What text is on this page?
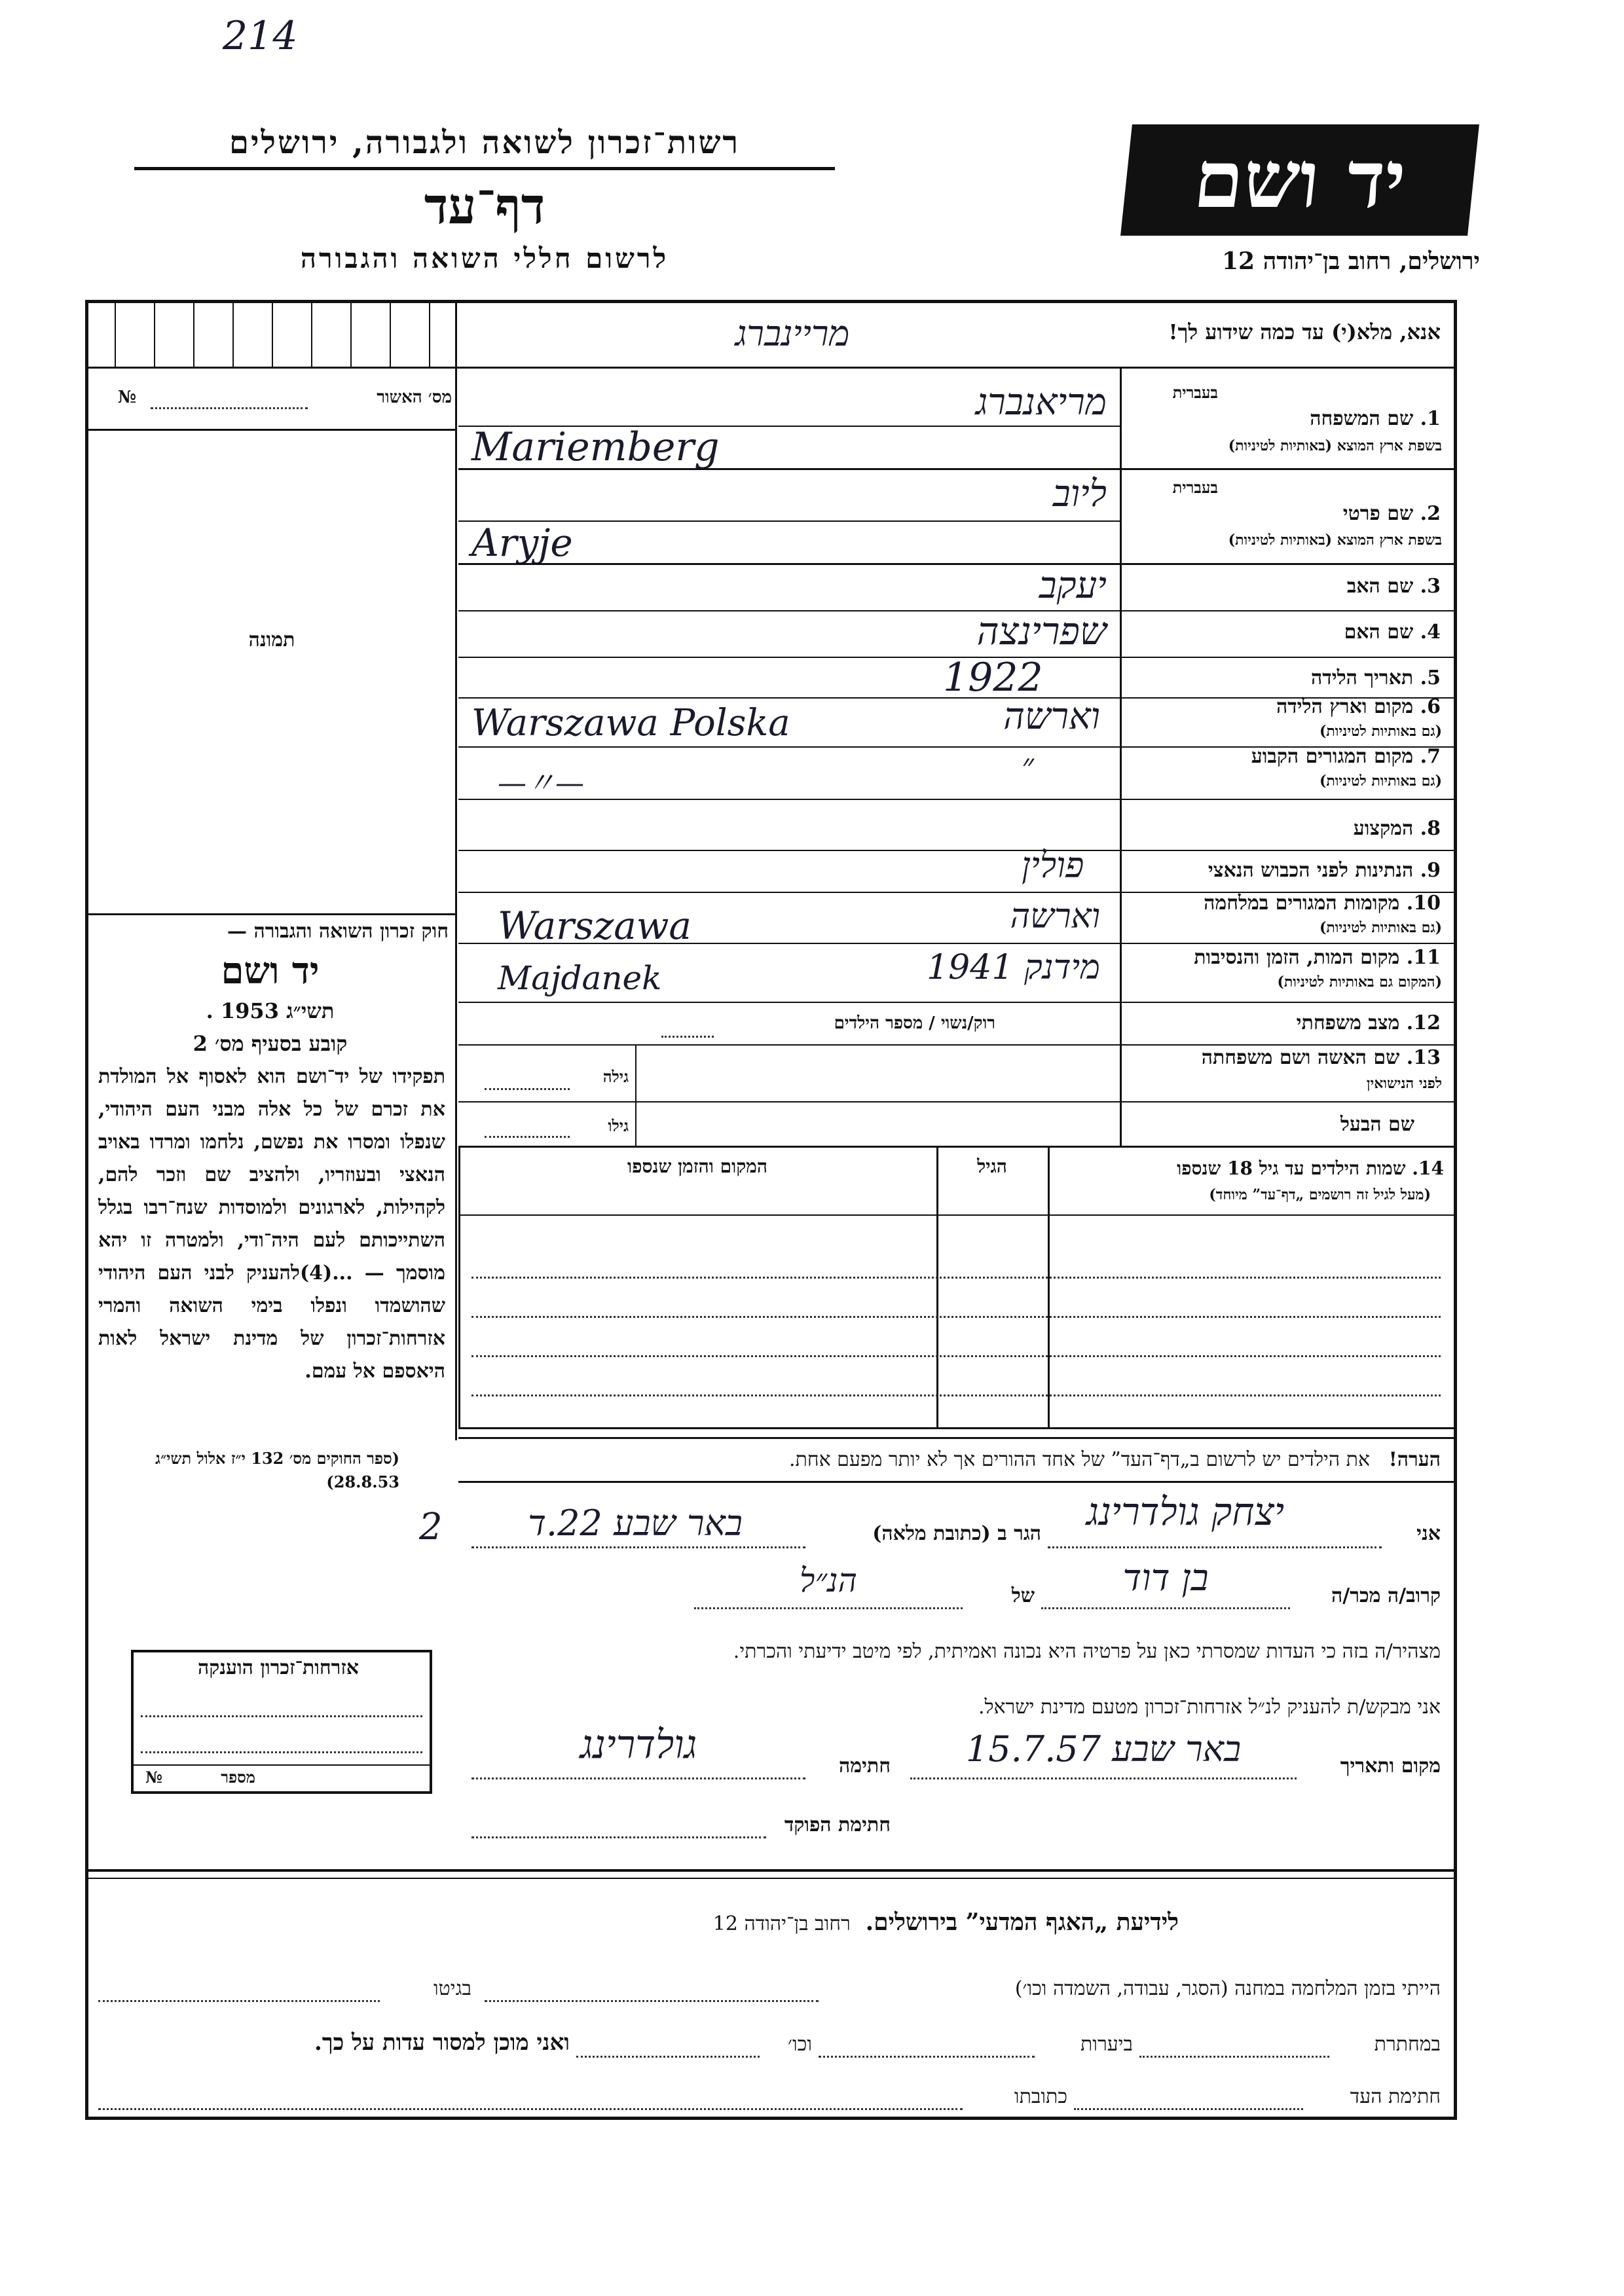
214
יד ושם
ירושלים, רחוב בן־יהודה 12
רשות־זכרון לשואה ולגבורה, ירושלים
דף־עד
לרשום חללי השואה והגבורה
אנא, מלא(י) עד כמה שידוע לך!
מריינברג
מס׳ האשור
№
תמונה
בעברית
1. שם המשפחה
בשפת ארץ המוצא (באותיות לטיניות)
מריאנברג
Mariemberg
בעברית
2. שם פרטי
בשפת ארץ המוצא (באותיות לטיניות)
ליוב
Aryje
3. שם האב
יעקב
4. שם האם
שפרינצה
5. תאריך הלידה
1922
6. מקום וארץ הלידה
(גם באותיות לטיניות)
וארשה
Warszawa Polska
7. מקום המגורים הקבוע
(גם באותיות לטיניות)
״
—〃—
8. המקצוע
9. הנתינות לפני הכבוש הנאצי
פולין
10. מקומות המגורים במלחמה
(גם באותיות לטיניות)
וארשה
Warszawa
11. מקום המות, הזמן והנסיבות
(המקום גם באותיות לטיניות)
מידנק 1941
Majdanek
12. מצב משפחתי
רוק/נשוי / מספר הילדים
13. שם האשה ושם משפחתה
לפני הנישואין
גילה
שם הבעל
גילו
14. שמות הילדים עד גיל 18 שנספו
(מעל לגיל זה רושמים „דף־עד” מיוחד)
הגיל
המקום והזמן שנספו
חוק זכרון השואה והגבורה —
יד ושם
תשי״ג 1953 .
קובע בסעיף מס׳ 2
תפקידו של יד־ושם הוא לאסוף אל המולדת את זכרם של כל אלה מבני העם היהודי, שנפלו ומסרו את נפשם, נלחמו ומרדו באויב הנאצי ובעוזריו, ולהציב שם וזכר להם, לקהילות, לארגונים ולמוסדות שנח־רבו בגלל השתייכותם לעם היה־ודי, ולמטרה זו יהא מוסמך — ...(4)להעניק לבני העם היהודי שהושמדו ונפלו בימי השואה והמרי אזרחות־זכרון של מדינת ישראל לאות היאספם אל עמם.
(ספר החוקים מס׳ 132 י״ז אלול תשי״ג 28.8.53)
אזרחות־זכרון הוענקה
מספר
№
הערה!   את הילדים יש לרשום ב„דף־העד” של אחד ההורים אך לא יותר מפעם אחת.
2	אני
יצחק גולדרינג
הגר ב (כתובת מלאה)
באר שבע 22.ד
קרוב/ה מכר/ה
בן דוד
של
הנ״ל
מצהיר/ה בזה כי העדות שמסרתי כאן על פרטיה היא נכונה ואמיתית, לפי מיטב ידיעתי והכרתי.
אני מבקש/ת להעניק לנ״ל אזרחות־זכרון מטעם מדינת ישראל.
מקום ותאריך
באר שבע 15.7.57
חתימה
גולדרינג
חתימת הפוקד
לידיעת „האגף המדעי” בירושלים.  רחוב בן־יהודה 12
הייתי בזמן המלחמה במחנה (הסגר, עבודה, השמדה וכו׳)
בגיטו
במחתרת
ביערות
וכו׳
ואני מוכן למסור עדות על כך.
חתימת העד
כתובתו
